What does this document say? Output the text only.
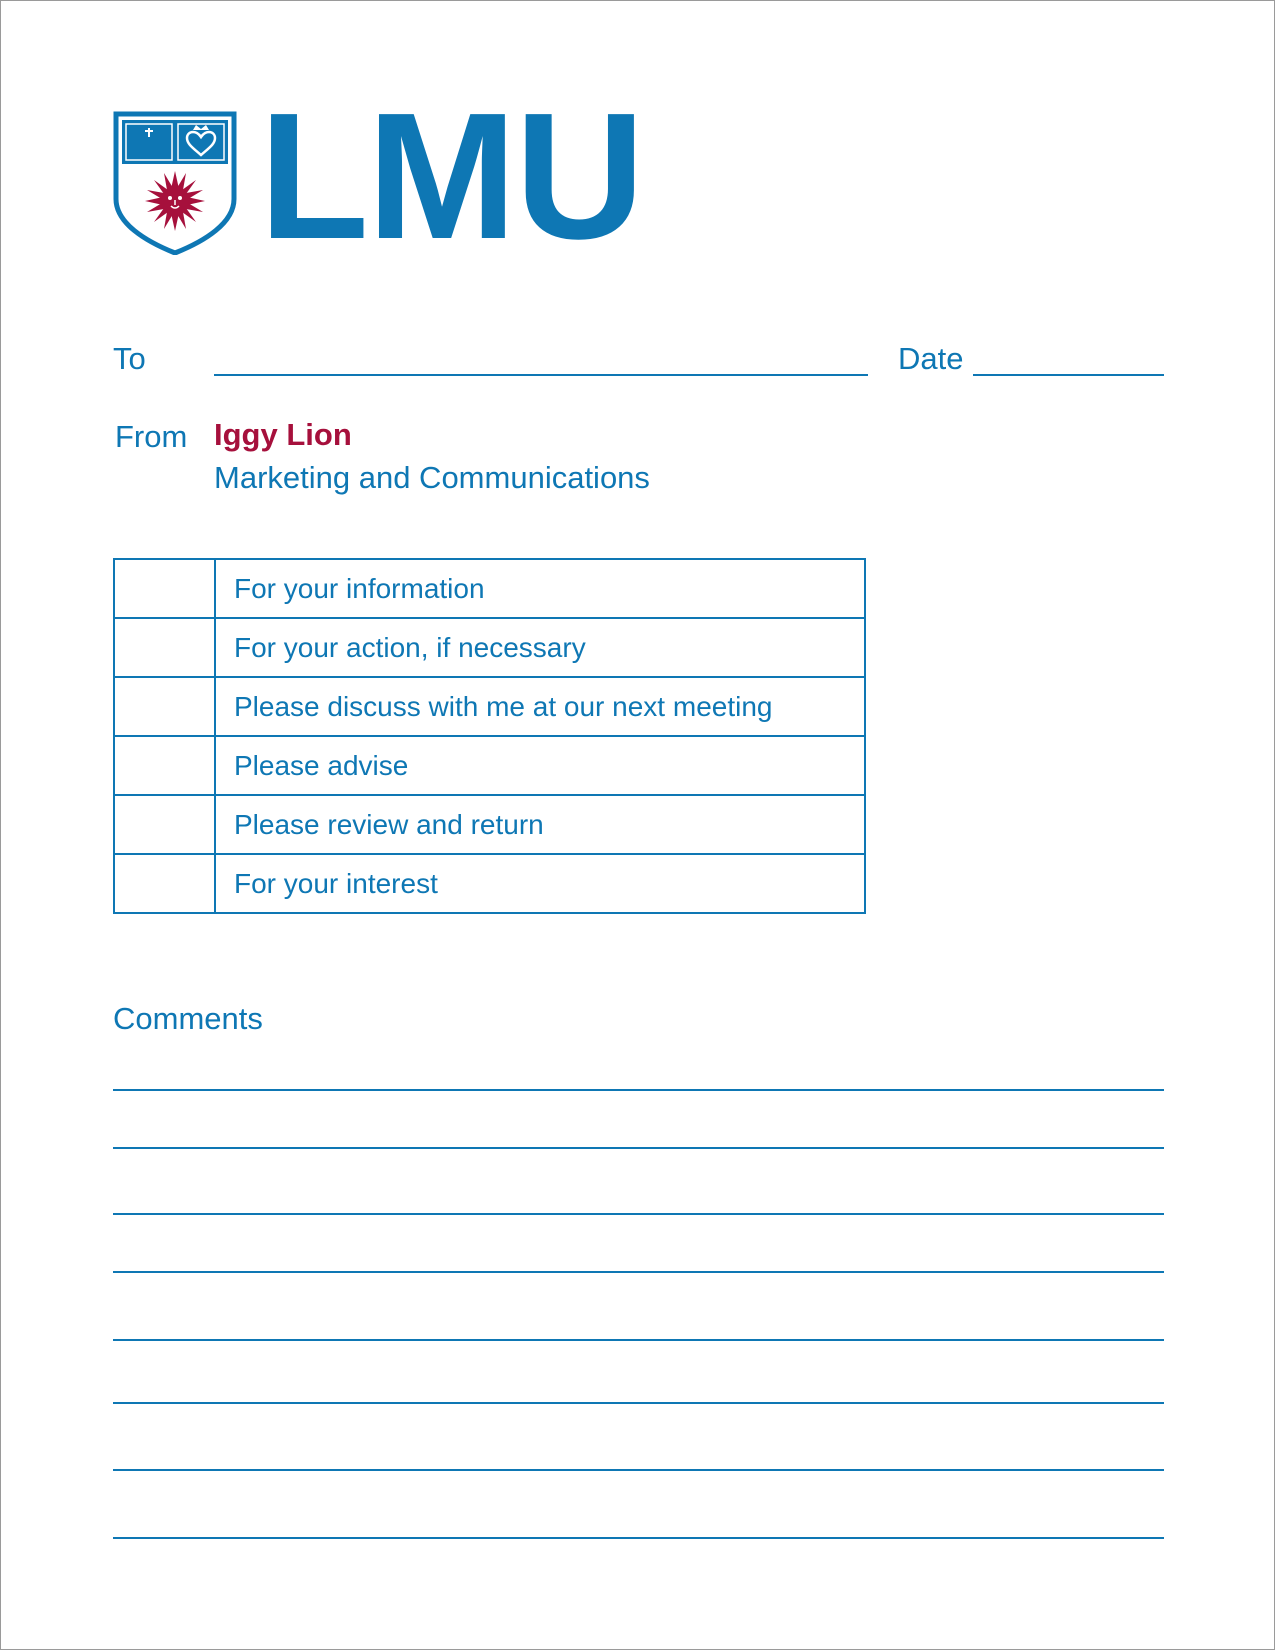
LMU
To	Date
From Iggy Lion
Marketing and Communications
	For your information
	For your action, if necessary
	Please discuss with me at our next meeting
	Please advise
	Please review and return
	For your interest
Comments
